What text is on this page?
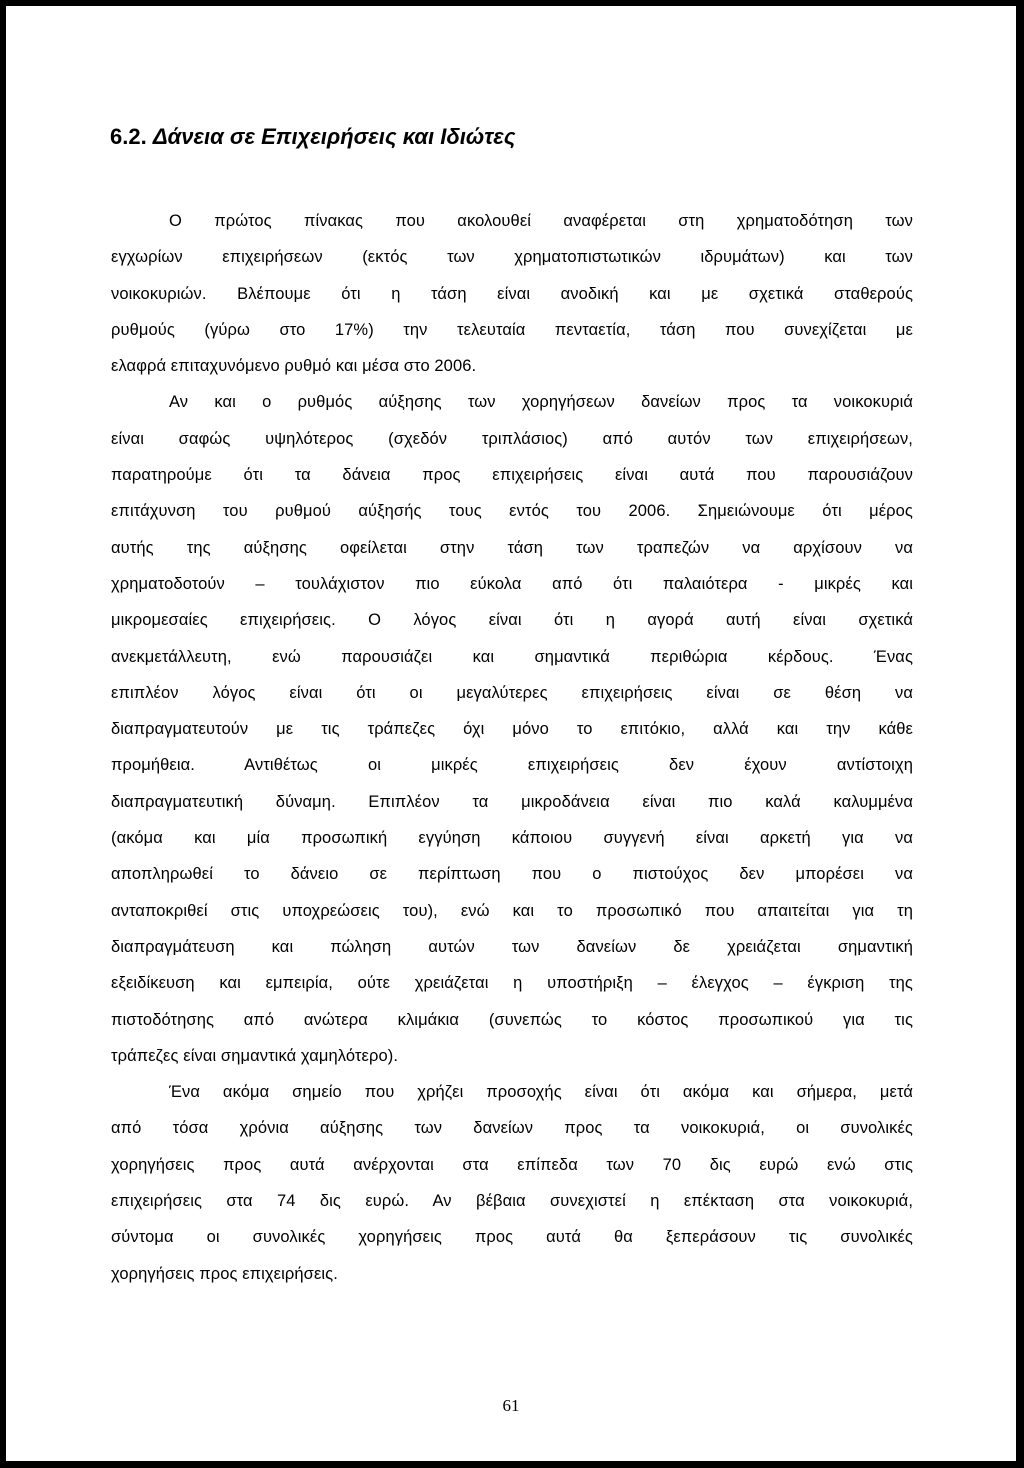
6.2. Δάνεια σε Επιχειρήσεις και Ιδιώτες
Ο πρώτος πίνακας που ακολουθεί αναφέρεται στη χρηματοδότηση των
εγχωρίων επιχειρήσεων (εκτός των χρηματοπιστωτικών ιδρυμάτων) και των
νοικοκυριών. Βλέπουμε ότι η τάση είναι ανοδική και με σχετικά σταθερούς
ρυθμούς (γύρω στο 17%) την τελευταία πενταετία, τάση που συνεχίζεται με
ελαφρά επιταχυνόμενο ρυθμό και μέσα στο 2006.
Αν και ο ρυθμός αύξησης των χορηγήσεων δανείων προς τα νοικοκυριά
είναι σαφώς υψηλότερος (σχεδόν τριπλάσιος) από αυτόν των επιχειρήσεων,
παρατηρούμε ότι τα δάνεια προς επιχειρήσεις είναι αυτά που παρουσιάζουν
επιτάχυνση του ρυθμού αύξησής τους εντός του 2006. Σημειώνουμε ότι μέρος
αυτής της αύξησης οφείλεται στην τάση των τραπεζών να αρχίσουν να
χρηματοδοτούν – τουλάχιστον πιο εύκολα από ότι παλαιότερα - μικρές και
μικρομεσαίες επιχειρήσεις. Ο λόγος είναι ότι η αγορά αυτή είναι σχετικά
ανεκμετάλλευτη, ενώ παρουσιάζει και σημαντικά περιθώρια κέρδους. Ένας
επιπλέον λόγος είναι ότι οι μεγαλύτερες επιχειρήσεις είναι σε θέση να
διαπραγματευτούν με τις τράπεζες όχι μόνο το επιτόκιο, αλλά και την κάθε
προμήθεια. Αντιθέτως οι μικρές επιχειρήσεις δεν έχουν αντίστοιχη
διαπραγματευτική δύναμη. Επιπλέον τα μικροδάνεια είναι πιο καλά καλυμμένα
(ακόμα και μία προσωπική εγγύηση κάποιου συγγενή είναι αρκετή για να
αποπληρωθεί το δάνειο σε περίπτωση που ο πιστούχος δεν μπορέσει να
ανταποκριθεί στις υποχρεώσεις του), ενώ και το προσωπικό που απαιτείται για τη
διαπραγμάτευση και πώληση αυτών των δανείων δε χρειάζεται σημαντική
εξειδίκευση και εμπειρία, ούτε χρειάζεται η υποστήριξη – έλεγχος – έγκριση της
πιστοδότησης από ανώτερα κλιμάκια (συνεπώς το κόστος προσωπικού για τις
τράπεζες είναι σημαντικά χαμηλότερο).
Ένα ακόμα σημείο που χρήζει προσοχής είναι ότι ακόμα και σήμερα, μετά
από τόσα χρόνια αύξησης των δανείων προς τα νοικοκυριά, οι συνολικές
χορηγήσεις προς αυτά ανέρχονται στα επίπεδα των 70 δις ευρώ ενώ στις
επιχειρήσεις στα 74 δις ευρώ. Αν βέβαια συνεχιστεί η επέκταση στα νοικοκυριά,
σύντομα οι συνολικές χορηγήσεις προς αυτά θα ξεπεράσουν τις συνολικές
χορηγήσεις προς επιχειρήσεις.

61
